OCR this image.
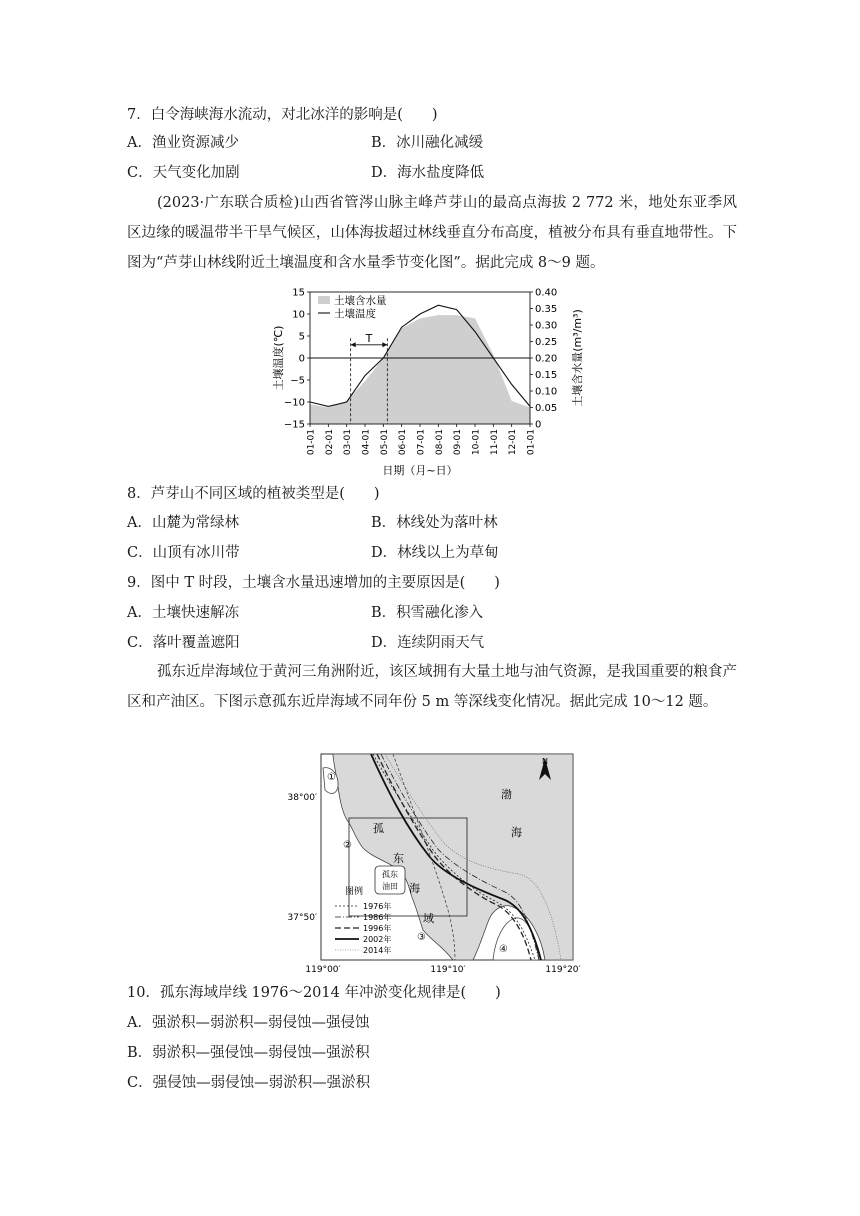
7．白令海峡海水流动，对北冰洋的影响是(　　)
A．渔业资源减少	B．冰川融化减缓
C．天气变化加剧	D．海水盐度降低
(2023·广东联合质检)山西省管涔山脉主峰芦芽山的最高点海拔 2 772 米，地处东亚季风区边缘的暖温带半干旱气候区，山体海拔超过林线垂直分布高度，植被分布具有垂直地带性。下图为“芦芽山林线附近土壤温度和含水量季节变化图”。据此完成 8～9 题。
15
10
5
0
−5
−10
−15
0.40
0.35
0.30
0.25
0.20
0.15
0.10
0.05
0
01-01 02-01 03-01 04-01 05-01 06-01 07-01 08-01 09-01 10-01 11-01 12-01 01-01
日期（月~日）
土壤温度(℃)	土壤含水量(m³/m³)
土壤含水量
土壤温度
T
8．芦芽山不同区域的植被类型是(　　)
A．山麓为常绿林	B．林线处为落叶林
C．山顶有冰川带	D．林线以上为草甸
9．图中 T 时段，土壤含水量迅速增加的主要原因是(　　)
A．土壤快速解冻	B．积雪融化渗入
C．落叶覆盖遮阳	D．连续阴雨天气
孤东近岸海域位于黄河三角洲附近，该区域拥有大量土地与油气资源，是我国重要的粮食产区和产油区。下图示意孤东近岸海域不同年份 5 m 等深线变化情况。据此完成 10～12 题。
N
渤
海
孤
东
海
域
孤东
油田
①
②
③
④
38°00′
37°50′
119°00′	119°10′	119°20′
图例
1976年
1986年
1996年
2002年
2014年
10．孤东海域岸线 1976～2014 年冲淤变化规律是(　　)
A．强淤积—弱淤积—弱侵蚀—强侵蚀
B．弱淤积—强侵蚀—弱侵蚀—强淤积
C．强侵蚀—弱侵蚀—弱淤积—强淤积
